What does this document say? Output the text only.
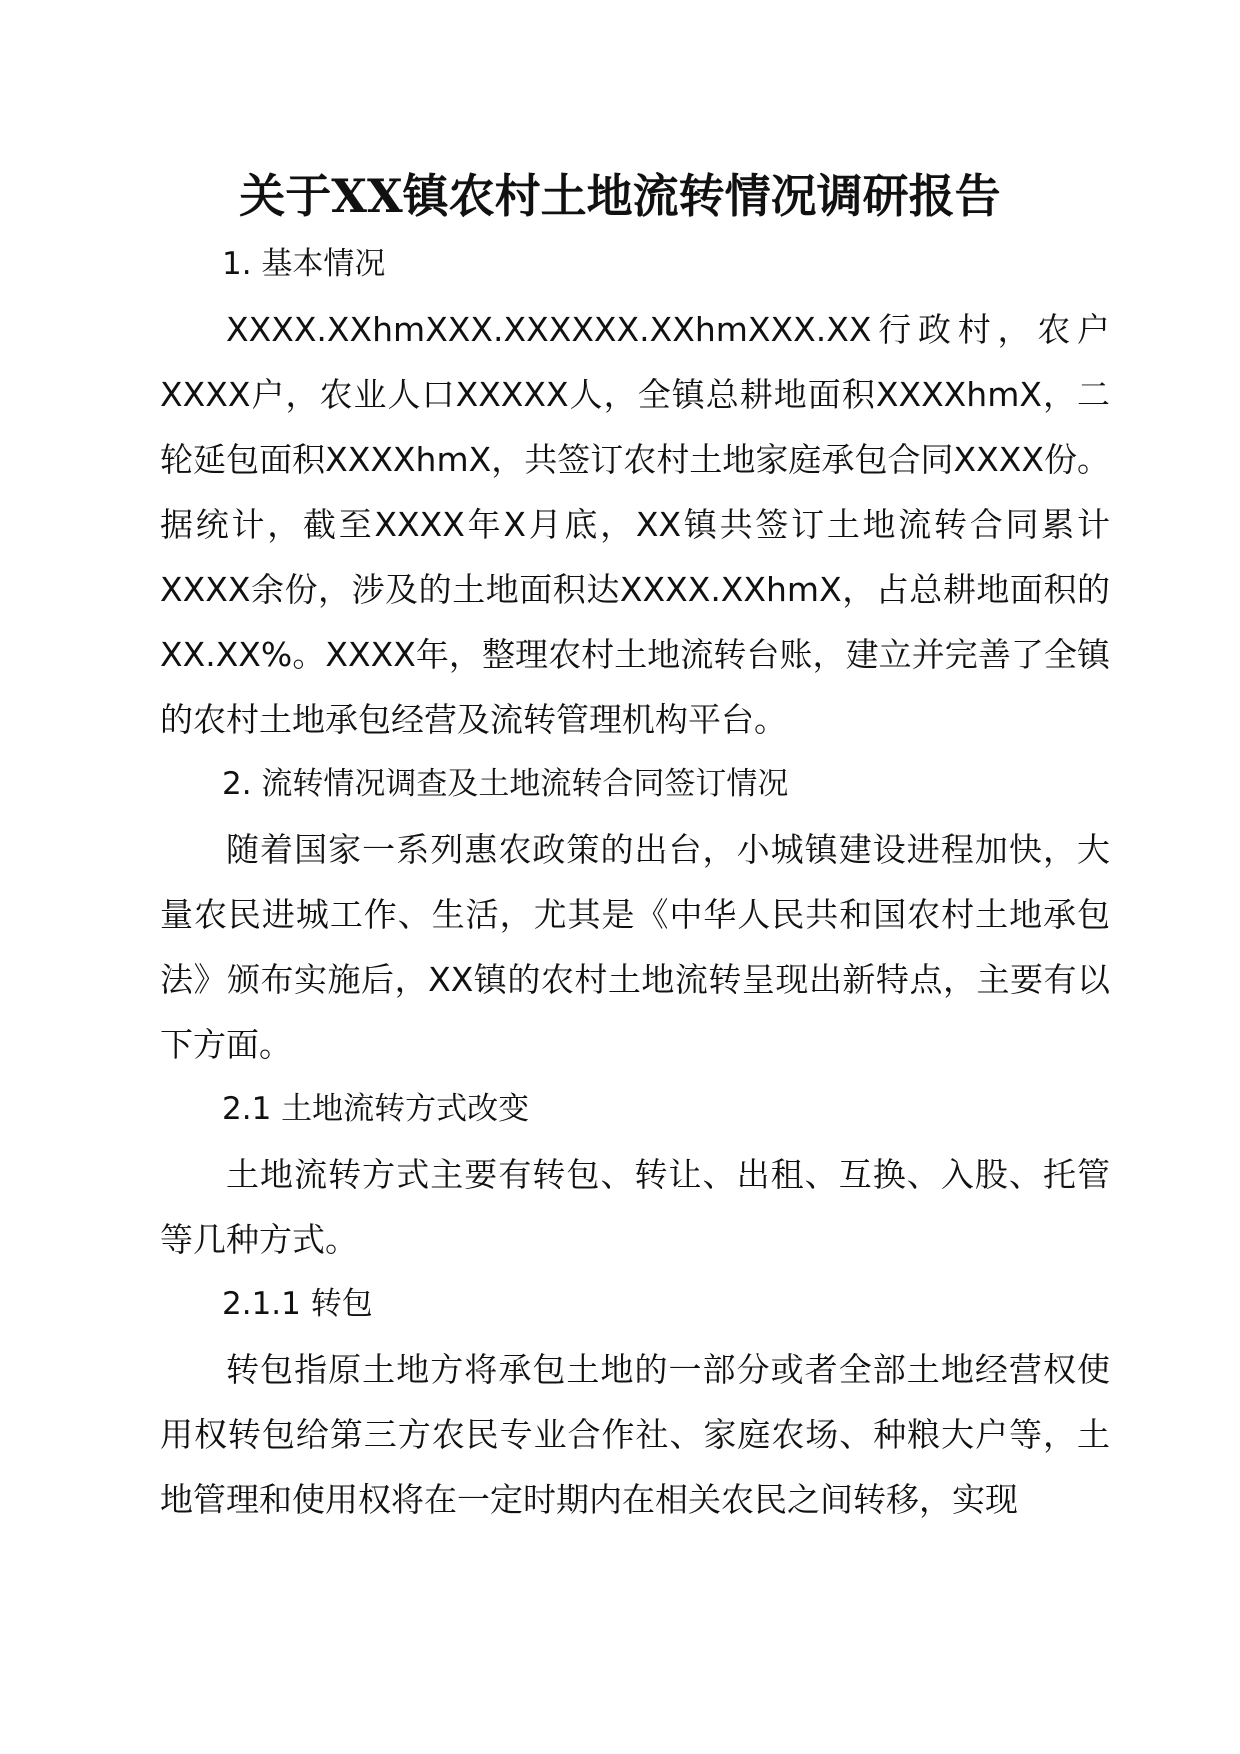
关于XX镇农村土地流转情况调研报告

1. 基本情况

XXXX.XXhmXXX.XXXXXX.XXhmXXX.XX行政村，农户XXXX户，农业人口XXXXX人，全镇总耕地面积XXXXhmX，二轮延包面积XXXXhmX，共签订农村土地家庭承包合同XXXX份。据统计，截至XXXX年X月底，XX镇共签订土地流转合同累计XXXX余份，涉及的土地面积达XXXX.XXhmX，占总耕地面积的XX.XX%。XXXX年，整理农村土地流转台账，建立并完善了全镇的农村土地承包经营及流转管理机构平台。

2. 流转情况调查及土地流转合同签订情况

随着国家一系列惠农政策的出台，小城镇建设进程加快，大量农民进城工作、生活，尤其是《中华人民共和国农村土地承包法》颁布实施后，XX镇的农村土地流转呈现出新特点，主要有以下方面。

2.1 土地流转方式改变

土地流转方式主要有转包、转让、出租、互换、入股、托管等几种方式。

2.1.1 转包

转包指原土地方将承包土地的一部分或者全部土地经营权使用权转包给第三方农民专业合作社、家庭农场、种粮大户等，土地管理和使用权将在一定时期内在相关农民之间转移，实现
